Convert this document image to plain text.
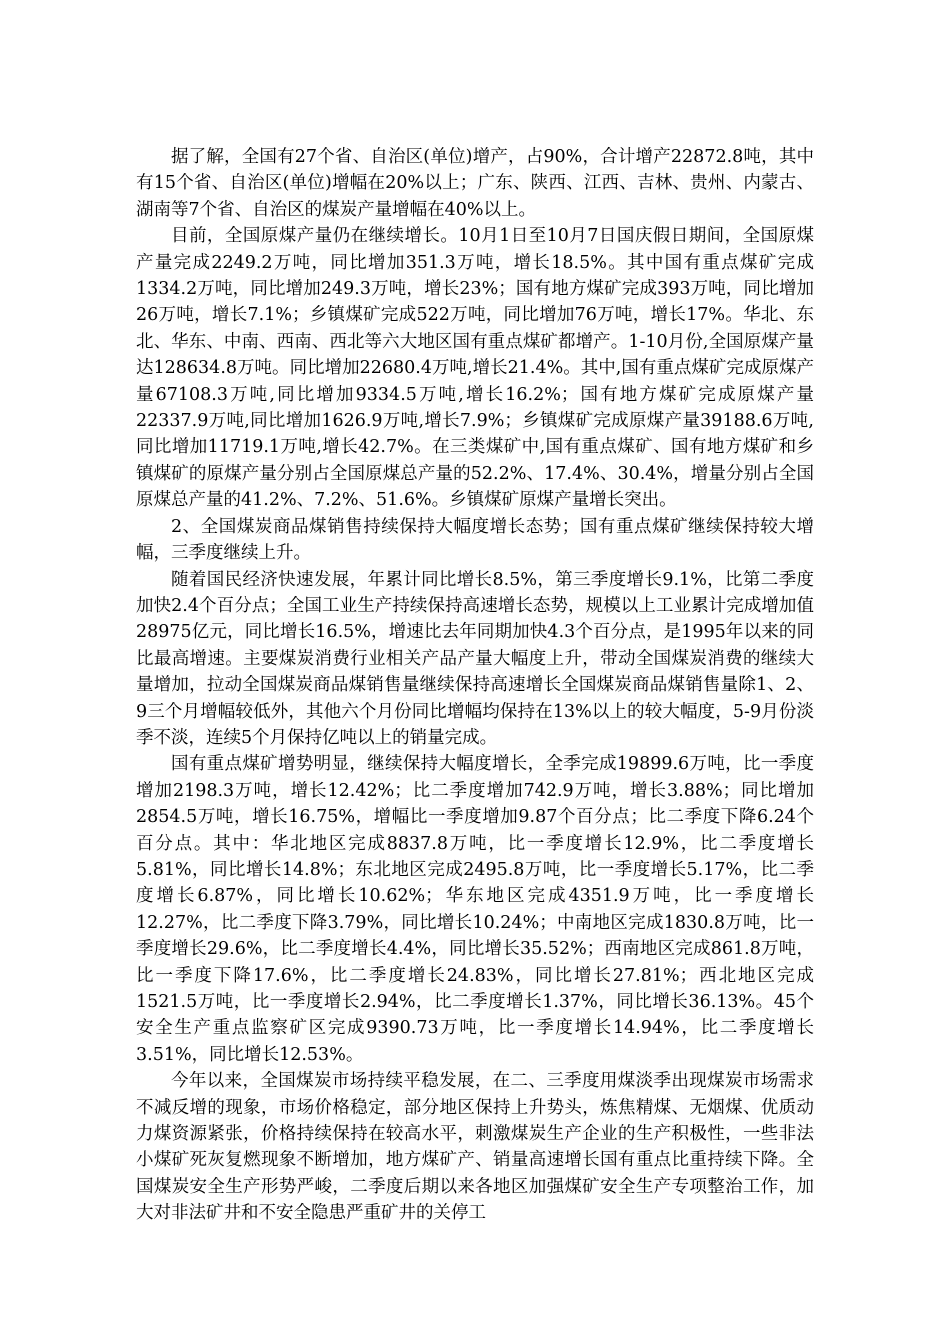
据了解，全国有27个省、自治区(单位)增产，占90%，合计增产22872.8吨，其中有15个省、自治区(单位)增幅在20%以上；广东、陕西、江西、吉林、贵州、内蒙古、湖南等7个省、自治区的煤炭产量增幅在40%以上。

目前，全国原煤产量仍在继续增长。10月1日至10月7日国庆假日期间，全国原煤产量完成2249.2万吨，同比增加351.3万吨，增长18.5%。其中国有重点煤矿完成1334.2万吨，同比增加249.3万吨，增长23%；国有地方煤矿完成393万吨，同比增加26万吨，增长7.1%；乡镇煤矿完成522万吨，同比增加76万吨，增长17%。华北、东北、华东、中南、西南、西北等六大地区国有重点煤矿都增产。1-10月份,全国原煤产量达128634.8万吨。同比增加22680.4万吨,增长21.4%。其中,国有重点煤矿完成原煤产量67108.3万吨,同比增加9334.5万吨,增长16.2%；国有地方煤矿完成原煤产量22337.9万吨,同比增加1626.9万吨,增长7.9%；乡镇煤矿完成原煤产量39188.6万吨,同比增加11719.1万吨,增长42.7%。在三类煤矿中,国有重点煤矿、国有地方煤矿和乡镇煤矿的原煤产量分别占全国原煤总产量的52.2%、17.4%、30.4%，增量分别占全国原煤总产量的41.2%、7.2%、51.6%。乡镇煤矿原煤产量增长突出。

2、全国煤炭商品煤销售持续保持大幅度增长态势；国有重点煤矿继续保持较大增幅，三季度继续上升。

随着国民经济快速发展，年累计同比增长8.5%，第三季度增长9.1%，比第二季度加快2.4个百分点；全国工业生产持续保持高速增长态势，规模以上工业累计完成增加值28975亿元，同比增长16.5%，增速比去年同期加快4.3个百分点，是1995年以来的同比最高增速。主要煤炭消费行业相关产品产量大幅度上升，带动全国煤炭消费的继续大量增加，拉动全国煤炭商品煤销售量继续保持高速增长全国煤炭商品煤销售量除1、2、9三个月增幅较低外，其他六个月份同比增幅均保持在13%以上的较大幅度，5-9月份淡季不淡，连续5个月保持亿吨以上的销量完成。

国有重点煤矿增势明显，继续保持大幅度增长，全季完成19899.6万吨，比一季度增加2198.3万吨，增长12.42%；比二季度增加742.9万吨，增长3.88%；同比增加2854.5万吨，增长16.75%，增幅比一季度增加9.87个百分点；比二季度下降6.24个百分点。其中：华北地区完成8837.8万吨，比一季度增长12.9%，比二季度增长5.81%，同比增长14.8%；东北地区完成2495.8万吨，比一季度增长5.17%，比二季度增长6.87%，同比增长10.62%；华东地区完成4351.9万吨，比一季度增长12.27%，比二季度下降3.79%，同比增长10.24%；中南地区完成1830.8万吨，比一季度增长29.6%，比二季度增长4.4%，同比增长35.52%；西南地区完成861.8万吨，比一季度下降17.6%，比二季度增长24.83%，同比增长27.81%；西北地区完成1521.5万吨，比一季度增长2.94%，比二季度增长1.37%，同比增长36.13%。45个安全生产重点监察矿区完成9390.73万吨，比一季度增长14.94%，比二季度增长3.51%，同比增长12.53%。

今年以来，全国煤炭市场持续平稳发展，在二、三季度用煤淡季出现煤炭市场需求不减反增的现象，市场价格稳定，部分地区保持上升势头，炼焦精煤、无烟煤、优质动力煤资源紧张，价格持续保持在较高水平，刺激煤炭生产企业的生产积极性，一些非法小煤矿死灰复燃现象不断增加，地方煤矿产、销量高速增长国有重点比重持续下降。全国煤炭安全生产形势严峻，二季度后期以来各地区加强煤矿安全生产专项整治工作，加大对非法矿井和不安全隐患严重矿井的关停工
